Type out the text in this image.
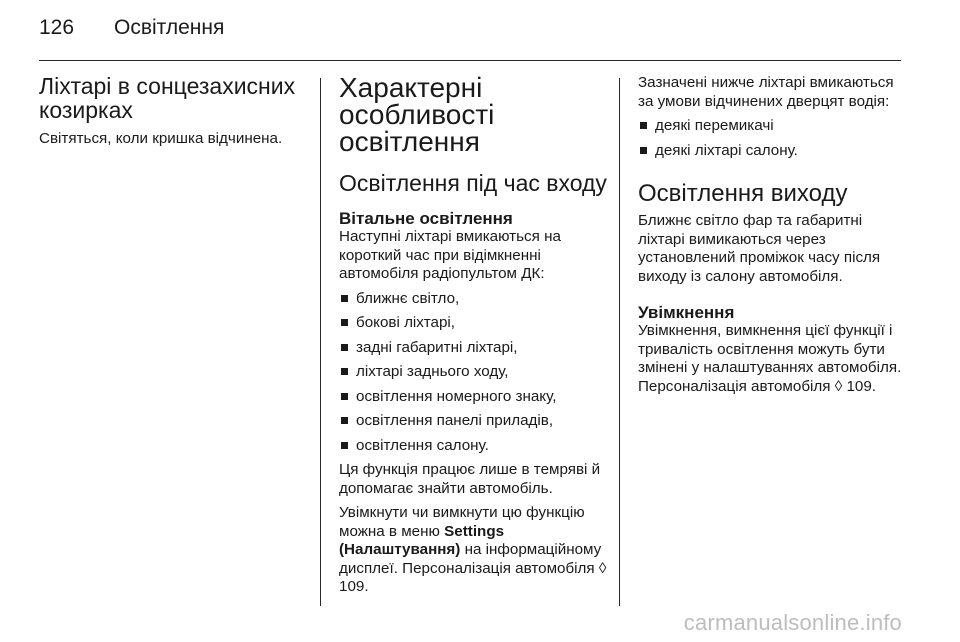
126 Освітлення
Ліхтарі в сонцезахисних козирках

Світяться, коли кришка відчинена.

Характерні особливості освітлення
Освітлення під час входу
Вітальне освітлення

Наступні ліхтарі вмикаються на короткий час при відімкненні автомобіля радіопультом ДК:

ближнє світло,
бокові ліхтарі,
задні габаритні ліхтарі,
ліхтарі заднього ходу,
освітлення номерного знаку,
освітлення панелі приладів,
освітлення салону.

Ця функція працює лише в темряві й допомагає знайти автомобіль.

Увімкнути чи вимкнути цю функцію можна в меню Settings (Налаштування) на інформаційному дисплеї. Персоналізація автомобіля ◊ 109.

Зазначені нижче ліхтарі вмикаються за умови відчинених дверцят водія:

деякі перемикачі
деякі ліхтарі салону.
Освітлення виходу

Ближнє світло фар та габаритні ліхтарі вимикаються через установлений проміжок часу після виходу із салону автомобіля.

Увімкнення

Увімкнення, вимкнення цієї функції і тривалість освітлення можуть бути змінені у налаштуваннях автомобіля. Персоналізація автомобіля ◊ 109.

carmanualsonline.info
